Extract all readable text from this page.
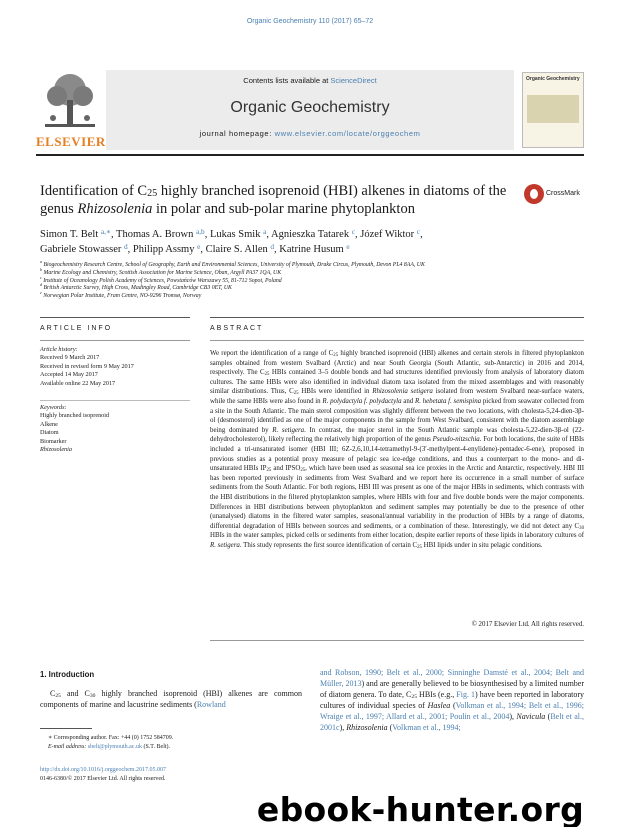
Organic Geochemistry 110 (2017) 65–72
ELSEVIER
Contents lists available at ScienceDirect
Organic Geochemistry
journal homepage: www.elsevier.com/locate/orggeochem
Organic Geochemistry
Identification of $C_{25}$ highly branched isoprenoid (HBI) alkenes in diatoms of the genus Rhizosolenia in polar and sub-polar marine phytoplankton
CrossMark
Simon T. Belt $^{a,∗}$, Thomas A. Brown $^{a,b}$, Lukas Smik $^a$, Agnieszka Tatarek $^c$, Józef Wiktor $^c$,
Gabriele Stowasser $^d$, Philipp Assmy $^e$, Claire S. Allen $^d$, Katrine Husum $^e$
$^a$ Biogeochemistry Research Centre, School of Geography, Earth and Environmental Sciences, University of Plymouth, Drake Circus, Plymouth, Devon PL4 8AA, UK
$^b$ Marine Ecology and Chemistry, Scottish Association for Marine Science, Oban, Argyll PA37 1QA, UK
$^c$ Institute of Oceanology Polish Academy of Sciences, Powstańców Warszawy 55, 81-712 Sopot, Poland
$^d$ British Antarctic Survey, High Cross, Madingley Road, Cambridge CB3 0ET, UK
$^e$ Norwegian Polar Institute, Fram Centre, NO-9296 Tromsø, Norway
ARTICLE INFO	ABSTRACT
Article history:
Received 9 March 2017
Received in revised form 9 May 2017
Accepted 14 May 2017
Available online 22 May 2017
Keywords:
Highly branched isoprenoid
Alkene
Diatom
Biomarker
Rhizosolenia
We report the identification of a range of $C_{25}$ highly branched isoprenoid (HBI) alkenes and certain sterols in filtered phytoplankton samples obtained from western Svalbard (Arctic) and near South Georgia (South Atlantic, sub-Antarctic) in 2016 and 2014, respectively. The $C_{25}$ HBIs contained 3–5 double bonds and had structures identified previously from analysis of laboratory diatom cultures. The same HBIs were also identified in individual diatom taxa isolated from the mixed assemblages and with reasonably similar distributions. Thus, $C_{25}$ HBIs were identified in Rhizosolenia setigera isolated from western Svalbard near-surface waters, while the same HBIs were also found in R. polydactyla f. polydactyla and R. hebetata f. semispina picked from seawater collected from a site in the South Atlantic. The main sterol composition was slightly different between the two locations, with cholesta-5,24-dien-3β-ol (desmosterol) identified as one of the major components in the sample from West Svalbard, consistent with the diatom assemblage being dominated by R. setigera. In contrast, the major sterol in the South Atlantic sample was cholesta-5,22-dien-3β-ol (22-dehydrocholesterol), likely reflecting the relatively high proportion of the genus Pseudo-nitzschia. For both locations, the suite of HBIs included a tri-unsaturated isomer (HBI III; 6Z-2,6,10,14-tetramethyl-9-(3′-methylpent-4-enylidene)-pentadec-6-ene), proposed in previous studies as a potential proxy measure of pelagic sea ice-edge conditions, and thus a counterpart to the mono- and di-unsaturated HBIs $IP_{25}$ and $IPSO_{25}$, which have been used as seasonal sea ice proxies in the Arctic and Antarctic, respectively. HBI III has been reported previously in sediments from West Svalbard and we report here its occurrence in a small number of surface sediments from the South Atlantic. For both regions, HBI III was present as one of the major HBIs in sediments, which contrasts with the HBI distributions in the filtered phytoplankton samples, where HBIs with four and five double bonds were the major components. Differences in HBI distributions between phytoplankton and sediment samples may potentially be due to the presence of other (unanalysed) diatoms in the filtered water samples, seasonal/annual variability in the production of HBIs by a range of diatoms, differential degradation of HBIs between sources and sediments, or a combination of these. Interestingly, we did not detect any $C_{30}$ HBIs in the water samples, picked cells or sediments from either location, despite earlier reports of these lipids in laboratory cultures of R. setigera. This study represents the first source identification of certain $C_{25}$ HBI lipids under in situ pelagic conditions.
© 2017 Elsevier Ltd. All rights reserved.
1. Introduction
$C_{25}$ and $C_{30}$ highly branched isoprenoid (HBI) alkenes are common components of marine and lacustrine sediments (Rowland
and Robson, 1990; Belt et al., 2000; Sinninghe Damsté et al., 2004; Belt and Müller, 2013) and are generally believed to be biosynthesised by a limited number of diatom genera. To date, $C_{25}$ HBIs (e.g., Fig. 1) have been reported in laboratory cultures of individual species of Haslea (Volkman et al., 1994; Belt et al., 1996; Wraige et al., 1997; Allard et al., 2001; Poulin et al., 2004), Navicula (Belt et al., 2001c), Rhizosolenia (Volkman et al., 1994;
∗ Corresponding author. Fax: +44 (0) 1752 584709.
E-mail address: sbelt@plymouth.ac.uk (S.T. Belt).
http://dx.doi.org/10.1016/j.orggeochem.2017.05.007
0146-6380/© 2017 Elsevier Ltd. All rights reserved.
ebook-hunter.org
